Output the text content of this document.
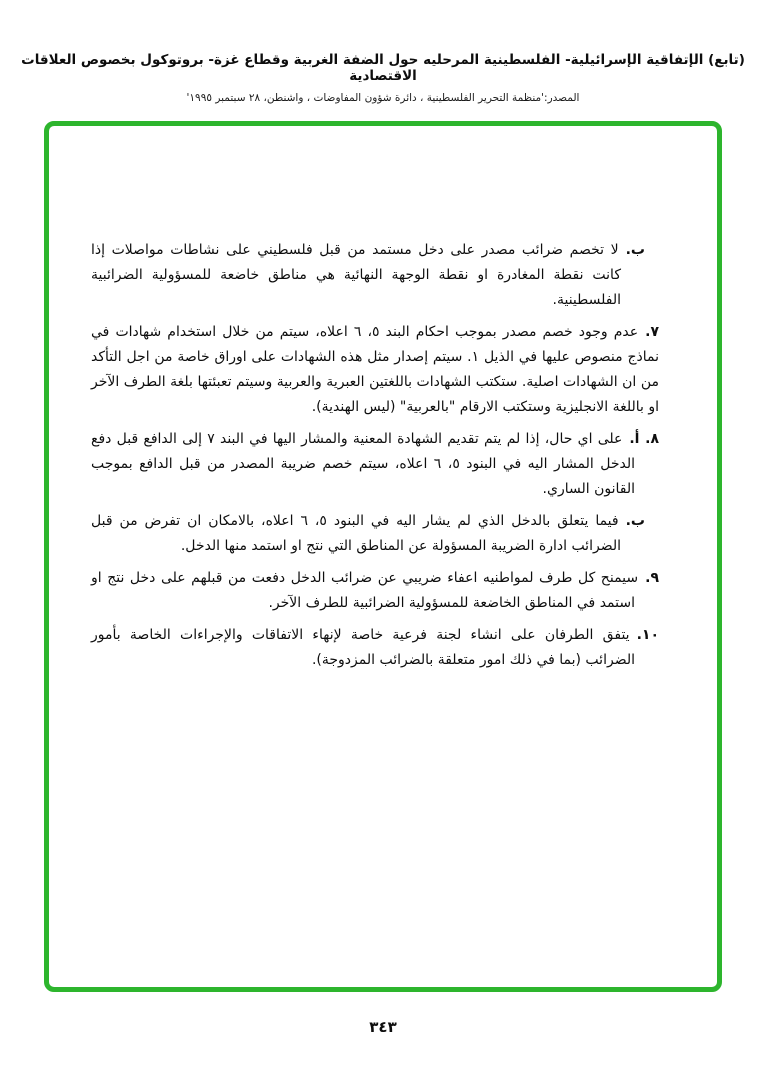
(تابع) الإتفاقية الإسرائيلية- الفلسطينية المرحليه حول الضفة الغربية وقطاع غزة- بروتوكول بخصوص العلاقات الاقتصادية
المصدر:'منظمة التحرير الفلسطينية ، دائرة شؤون المفاوضات ، واشنطن، ٢٨ سبتمبر ١٩٩٥'

ب.لا تخصم ضرائب مصدر على دخل مستمد من قبل فلسطيني على نشاطات مواصلات إذا كانت نقطة المغادرة او نقطة الوجهة النهائية هي مناطق خاضعة للمسؤولية الضرائبية الفلسطينية.

٧.عدم وجود خصم مصدر بموجب احكام البند ٥، ٦ اعلاه، سيتم من خلال استخدام شهادات في نماذج منصوص عليها في الذيل ١. سيتم إصدار مثل هذه الشهادات على اوراق خاصة من اجل التأكد من ان الشهادات اصلية. ستكتب الشهادات باللغتين العبرية والعربية وسيتم تعبئتها بلغة الطرف الآخر او باللغة الانجليزية وستكتب الارقام "بالعربية" (ليس الهندية).

٨. أ.على اي حال، إذا لم يتم تقديم الشهادة المعنية والمشار اليها في البند ٧ إلى الدافع قبل دفع الدخل المشار اليه في البنود ٥، ٦ اعلاه، سيتم خصم ضريبة المصدر من قبل الدافع بموجب القانون الساري.

ب.فيما يتعلق بالدخل الذي لم يشار اليه في البنود ٥، ٦ اعلاه، بالامكان ان تفرض من قبل الضرائب ادارة الضريبة المسؤولة عن المناطق التي نتج او استمد منها الدخل.

٩.سيمنح كل طرف لمواطنيه اعفاء ضريبي عن ضرائب الدخل دفعت من قبلهم على دخل نتج او استمد في المناطق الخاضعة للمسؤولية الضرائبية للطرف الآخر.

١٠.يتفق الطرفان على انشاء لجنة فرعية خاصة لإنهاء الاتفاقات والإجراءات الخاصة بأمور الضرائب (بما في ذلك امور متعلقة بالضرائب المزدوجة).

٣٤٣
